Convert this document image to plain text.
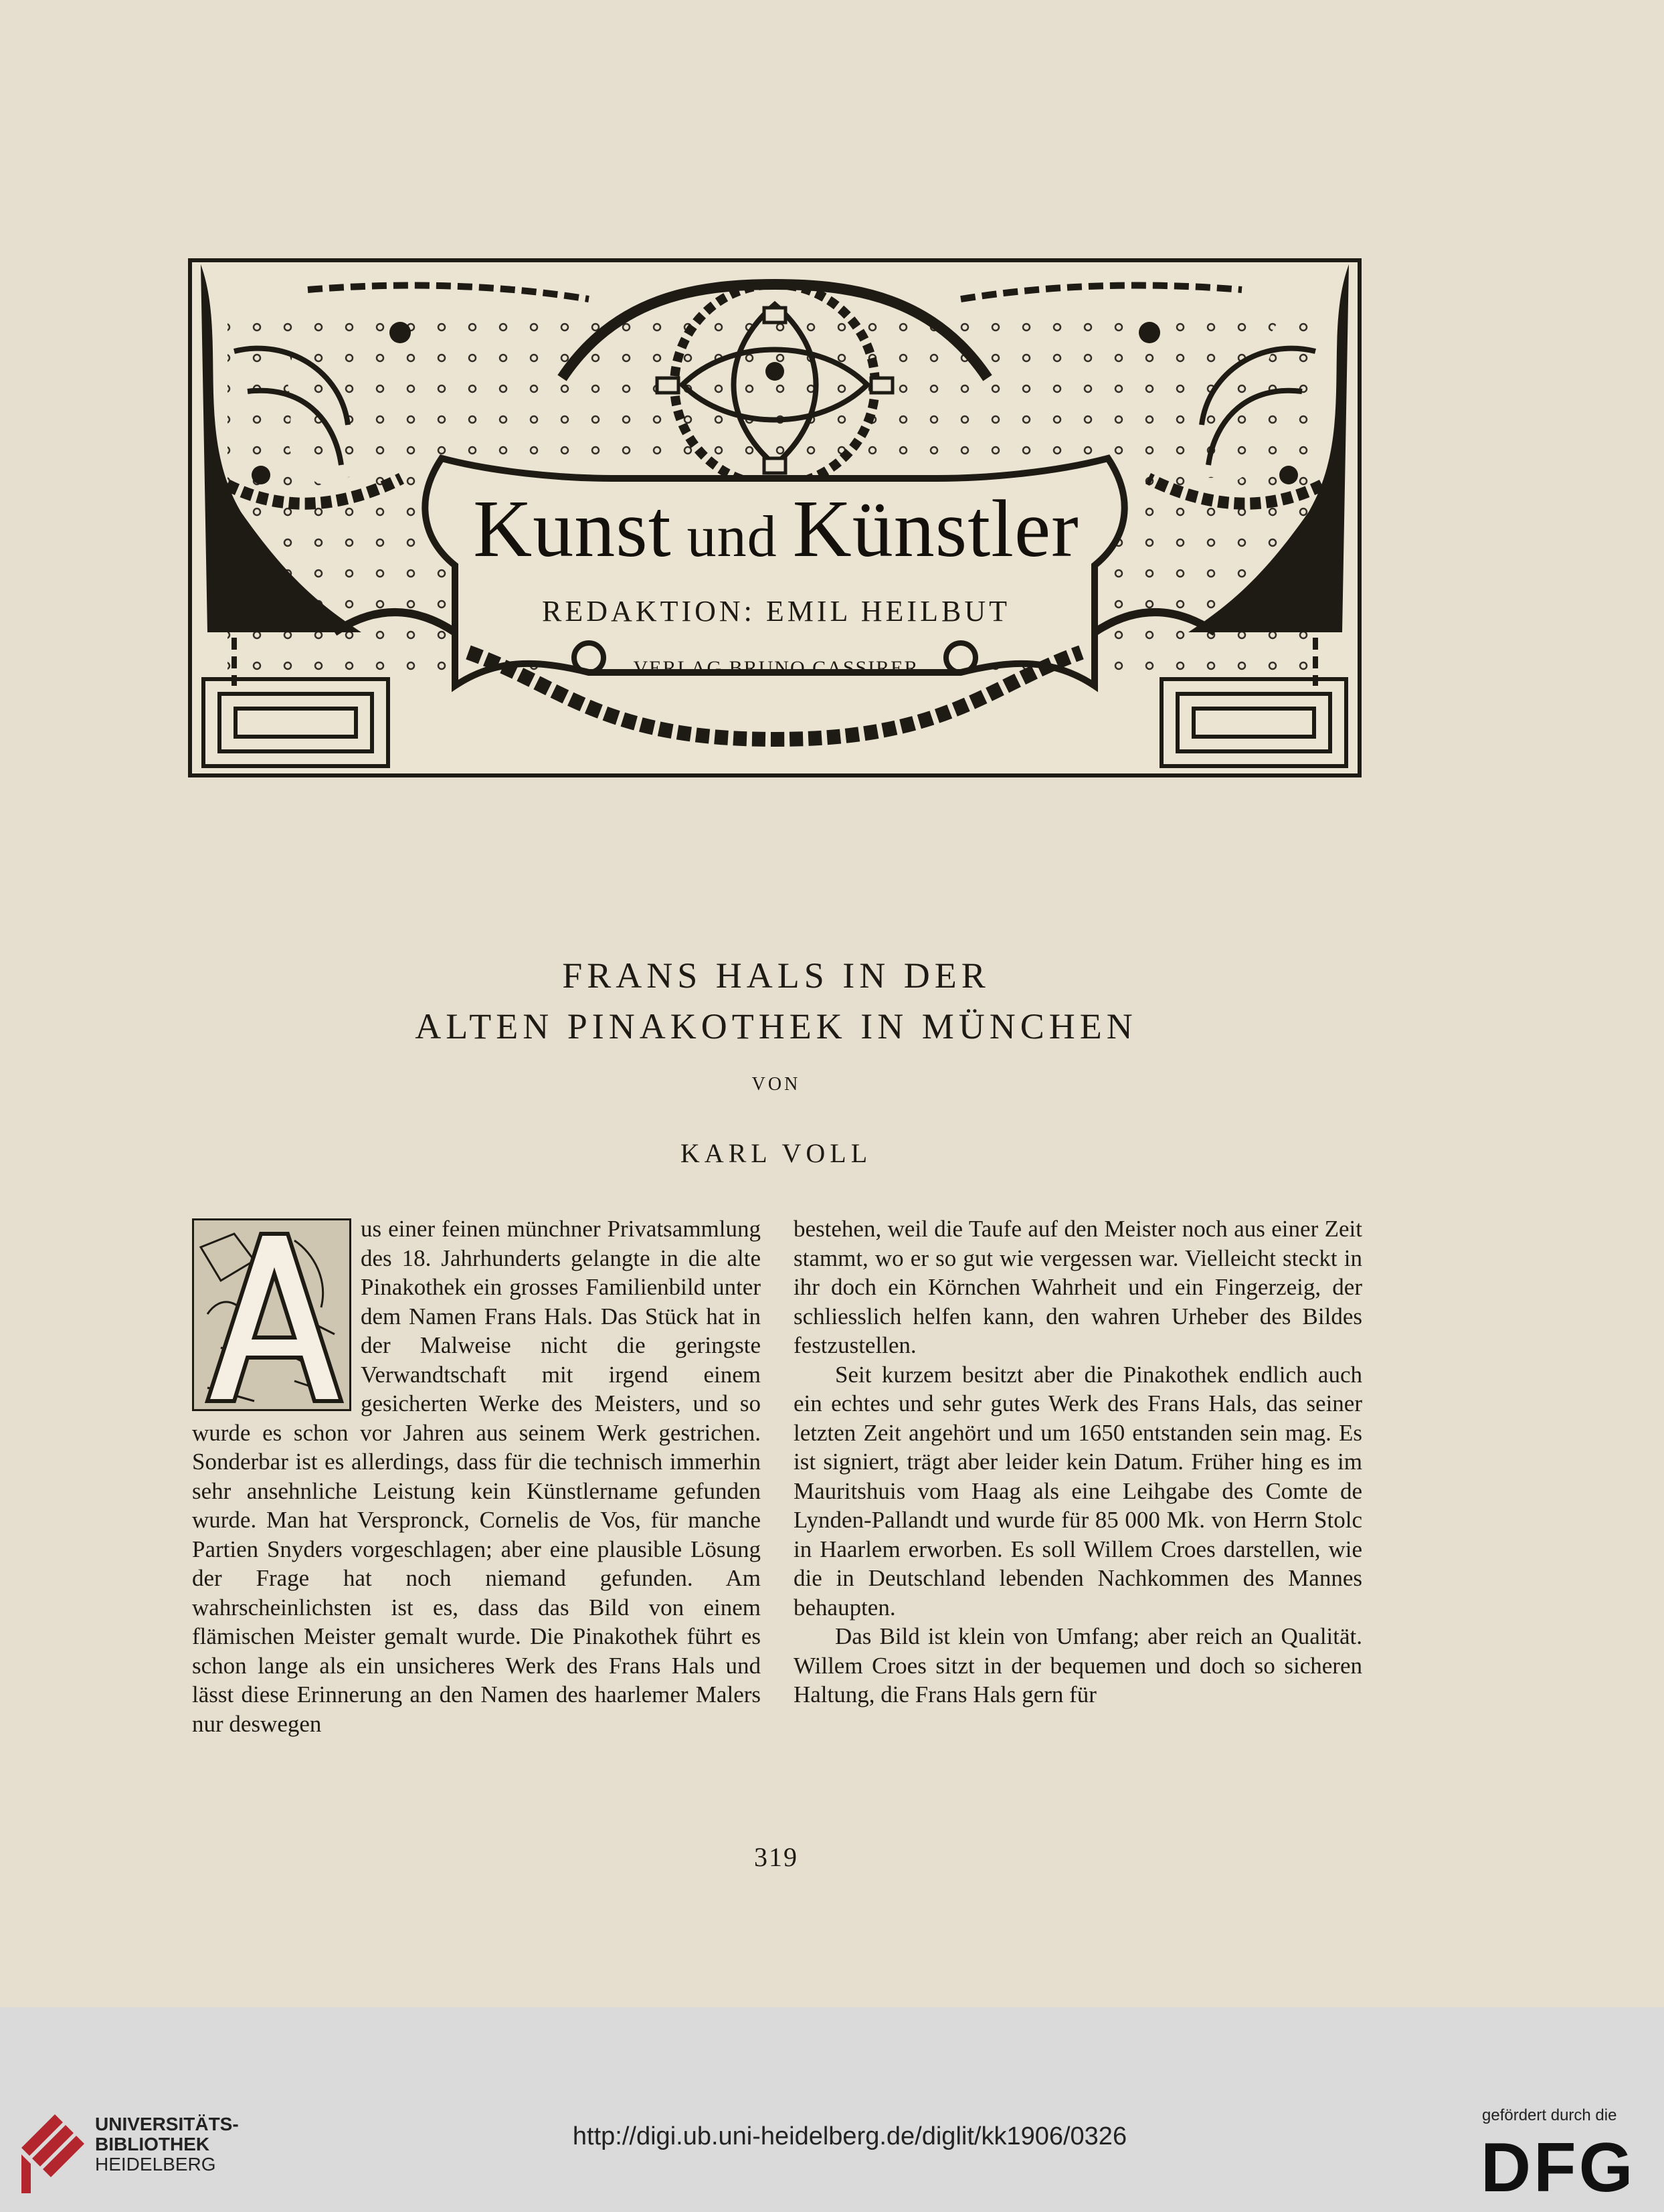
Kunst und Künstler
REDAKTION: EMIL HEILBUT
VERLAG BRUNO CASSIRER
FRANS HALS IN DER
ALTEN PINAKOTHEK IN MÜNCHEN
VON
KARL VOLL

us einer feinen münchner Privatsammlung des 18. Jahrhunderts gelangte in die alte Pinakothek ein grosses Familienbild unter dem Namen Frans Hals. Das Stück hat in der Malweise nicht die geringste Verwandtschaft mit irgend einem gesicherten Werke des Meisters, und so wurde es schon vor Jahren aus seinem Werk gestrichen. Sonderbar ist es allerdings, dass für die technisch immerhin sehr ansehnliche Leistung kein Künstlername gefunden wurde. Man hat Verspronck, Cornelis de Vos, für manche Partien Snyders vorgeschlagen; aber eine plausible Lösung der Frage hat noch niemand gefunden. Am wahrscheinlichsten ist es, dass das Bild von einem flämischen Meister gemalt wurde. Die Pinakothek führt es schon lange als ein unsicheres Werk des Frans Hals und lässt diese Erinnerung an den Namen des haarlemer Malers nur deswegen

bestehen, weil die Taufe auf den Meister noch aus einer Zeit stammt, wo er so gut wie vergessen war. Vielleicht steckt in ihr doch ein Körnchen Wahrheit und ein Fingerzeig, der schliesslich helfen kann, den wahren Urheber des Bildes festzustellen.

Seit kurzem besitzt aber die Pinakothek endlich auch ein echtes und sehr gutes Werk des Frans Hals, das seiner letzten Zeit angehört und um 1650 entstanden sein mag. Es ist signiert, trägt aber leider kein Datum. Früher hing es im Mauritshuis vom Haag als eine Leihgabe des Comte de Lynden-Pallandt und wurde für 85 000 Mk. von Herrn Stolc in Haarlem erworben. Es soll Willem Croes darstellen, wie die in Deutschland lebenden Nachkommen des Mannes behaupten.

Das Bild ist klein von Umfang; aber reich an Qualität. Willem Croes sitzt in der bequemen und doch so sicheren Haltung, die Frans Hals gern für

319
UNIVERSITÄTS-
BIBLIOTHEK
HEIDELBERG
http://digi.ub.uni-heidelberg.de/diglit/kk1906/0326
gefördert durch die
DFG
